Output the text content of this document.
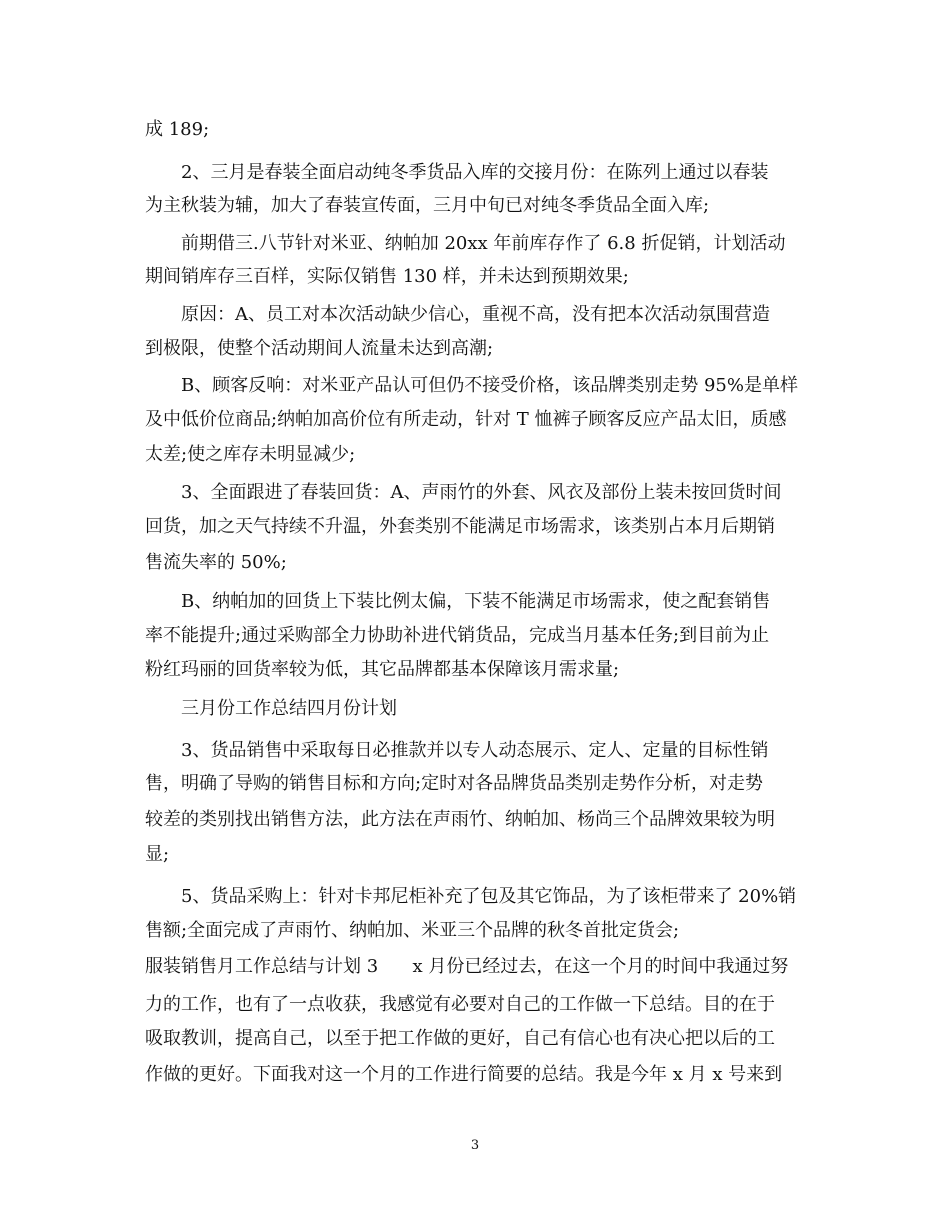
成 189;

2、三月是春装全面启动纯冬季货品入库的交接月份：在陈列上通过以春装

为主秋装为辅，加大了春装宣传面，三月中旬已对纯冬季货品全面入库;

前期借三.八节针对米亚、纳帕加 20xx 年前库存作了 6.8 折促销，计划活动

期间销库存三百样，实际仅销售 130 样，并未达到预期效果;

原因：A、员工对本次活动缺少信心，重视不高，没有把本次活动氛围营造

到极限，使整个活动期间人流量未达到高潮;

B、顾客反响：对米亚产品认可但仍不接受价格，该品牌类别走势 95%是单样

及中低价位商品;纳帕加高价位有所走动，针对 T 恤裤子顾客反应产品太旧，质感

太差;使之库存未明显减少;

3、全面跟进了春装回货：A、声雨竹的外套、风衣及部份上装未按回货时间

回货，加之天气持续不升温，外套类别不能满足市场需求，该类别占本月后期销

售流失率的 50%;

B、纳帕加的回货上下装比例太偏，下装不能满足市场需求，使之配套销售

率不能提升;通过采购部全力协助补进代销货品，完成当月基本任务;到目前为止

粉红玛丽的回货率较为低，其它品牌都基本保障该月需求量;

三月份工作总结四月份计划

3、货品销售中采取每日必推款并以专人动态展示、定人、定量的目标性销

售，明确了导购的销售目标和方向;定时对各品牌货品类别走势作分析，对走势

较差的类别找出销售方法，此方法在声雨竹、纳帕加、杨尚三个品牌效果较为明

显;

5、货品采购上：针对卡邦尼柜补充了包及其它饰品，为了该柜带来了 20%销

售额;全面完成了声雨竹、纳帕加、米亚三个品牌的秋冬首批定货会;

服装销售月工作总结与计划 3      x 月份已经过去，在这一个月的时间中我通过努

力的工作，也有了一点收获，我感觉有必要对自己的工作做一下总结。目的在于

吸取教训，提高自己，以至于把工作做的更好，自己有信心也有决心把以后的工

作做的更好。下面我对这一个月的工作进行简要的总结。我是今年 x 月 x 号来到

3
